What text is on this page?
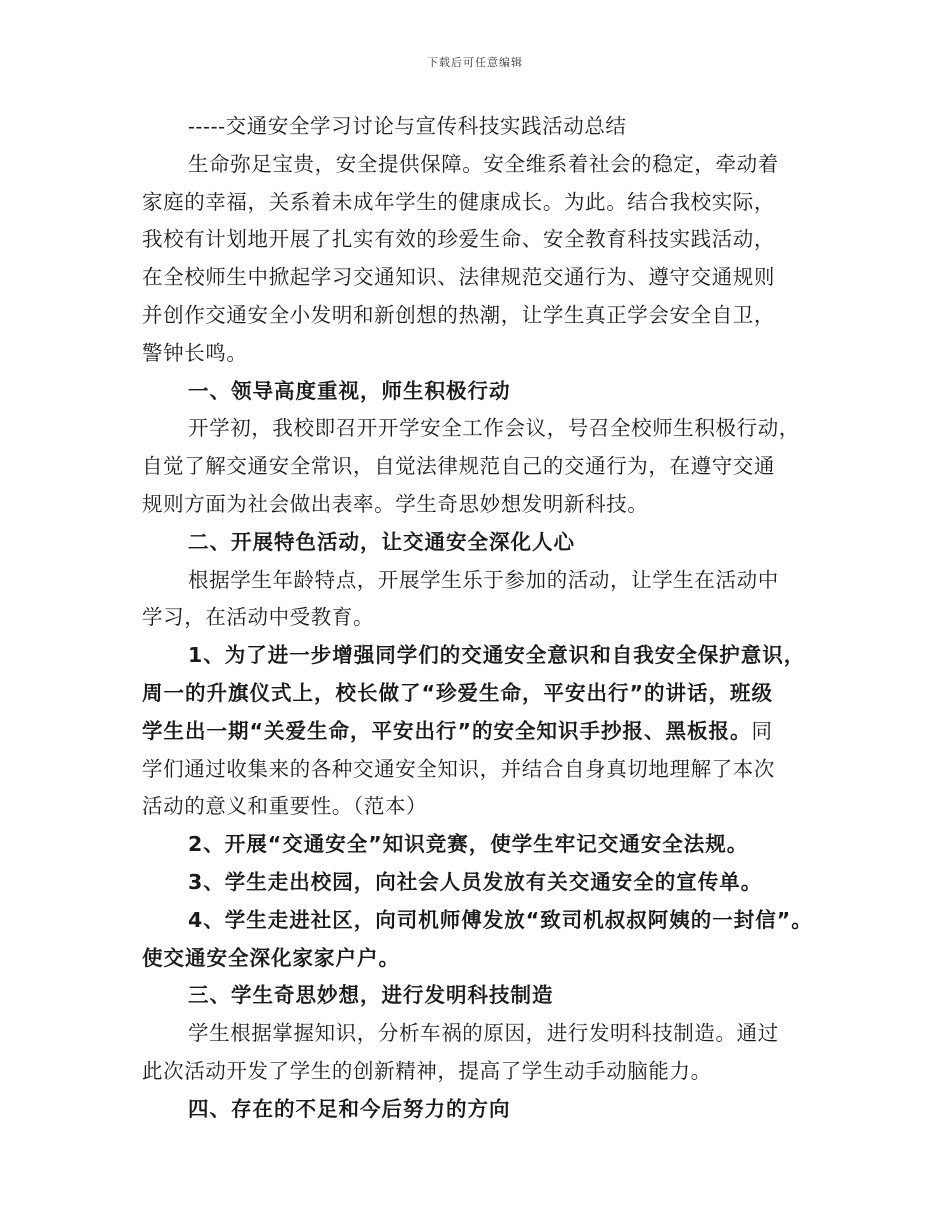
下载后可任意编辑
-----交通安全学习讨论与宣传科技实践活动总结
生命弥足宝贵，安全提供保障。安全维系着社会的稳定，牵动着
家庭的幸福，关系着未成年学生的健康成长。为此。结合我校实际，
我校有计划地开展了扎实有效的珍爱生命、安全教育科技实践活动，
在全校师生中掀起学习交通知识、法律规范交通行为、遵守交通规则
并创作交通安全小发明和新创想的热潮，让学生真正学会安全自卫，
警钟长鸣。
一、领导高度重视，师生积极行动
开学初，我校即召开开学安全工作会议，号召全校师生积极行动，
自觉了解交通安全常识，自觉法律规范自己的交通行为，在遵守交通
规则方面为社会做出表率。学生奇思妙想发明新科技。
二、开展特色活动，让交通安全深化人心
根据学生年龄特点，开展学生乐于参加的活动，让学生在活动中
学习，在活动中受教育。
1、为了进一步增强同学们的交通安全意识和自我安全保护意识，
周一的升旗仪式上，校长做了“珍爱生命，平安出行”的讲话，班级
学生出一期“关爱生命，平安出行”的安全知识手抄报、黑板报。同
学们通过收集来的各种交通安全知识，并结合自身真切地理解了本次
活动的意义和重要性。（范本）
2、开展“交通安全”知识竞赛，使学生牢记交通安全法规。
3、学生走出校园，向社会人员发放有关交通安全的宣传单。
4、学生走进社区，向司机师傅发放“致司机叔叔阿姨的一封信”。
使交通安全深化家家户户。
三、学生奇思妙想，进行发明科技制造
学生根据掌握知识，分析车祸的原因，进行发明科技制造。通过
此次活动开发了学生的创新精神，提高了学生动手动脑能力。
四、存在的不足和今后努力的方向
